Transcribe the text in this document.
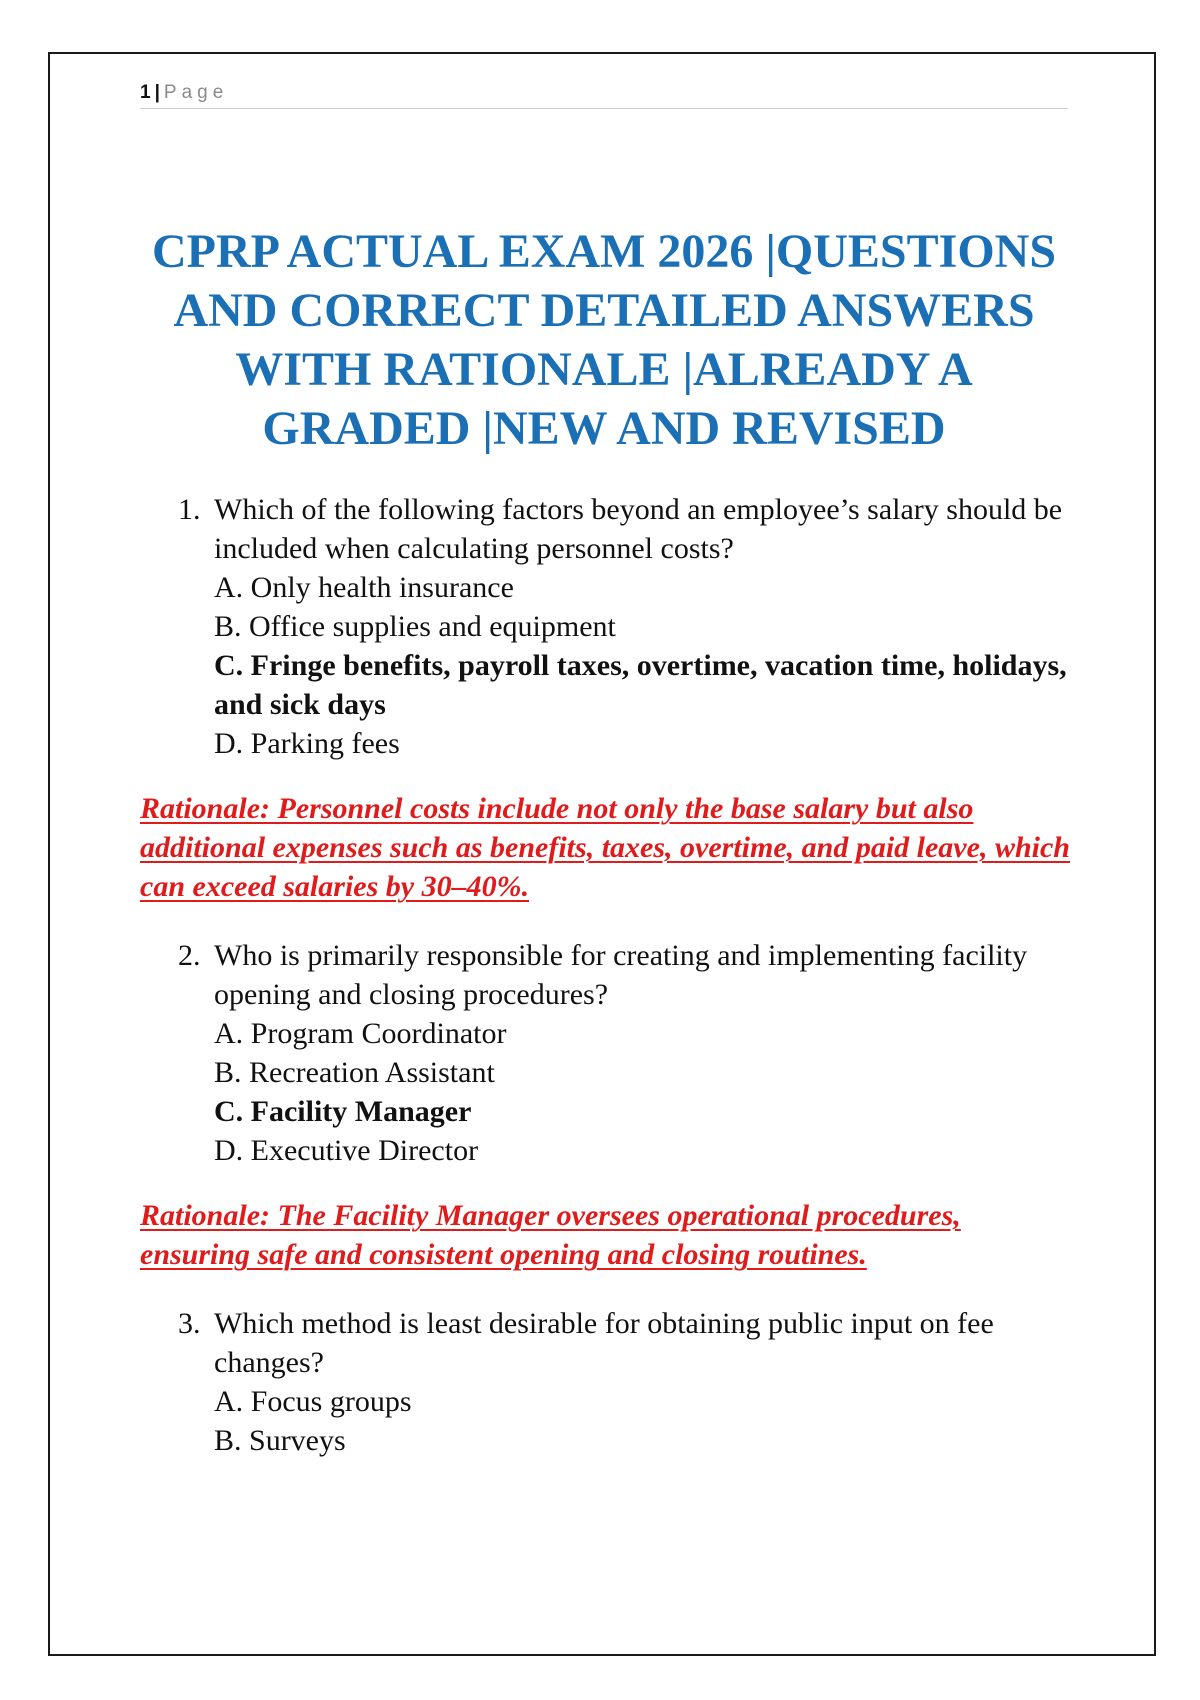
1 | Page
CPRP ACTUAL EXAM 2026 |QUESTIONS AND CORRECT DETAILED ANSWERS WITH RATIONALE |ALREADY A GRADED |NEW AND REVISED
1. Which of the following factors beyond an employee’s salary should be included when calculating personnel costs?
A. Only health insurance
B. Office supplies and equipment
C. Fringe benefits, payroll taxes, overtime, vacation time, holidays, and sick days
D. Parking fees
Rationale: Personnel costs include not only the base salary but also additional expenses such as benefits, taxes, overtime, and paid leave, which can exceed salaries by 30–40%.
2. Who is primarily responsible for creating and implementing facility opening and closing procedures?
A. Program Coordinator
B. Recreation Assistant
C. Facility Manager
D. Executive Director
Rationale: The Facility Manager oversees operational procedures, ensuring safe and consistent opening and closing routines.
3. Which method is least desirable for obtaining public input on fee changes?
A. Focus groups
B. Surveys
